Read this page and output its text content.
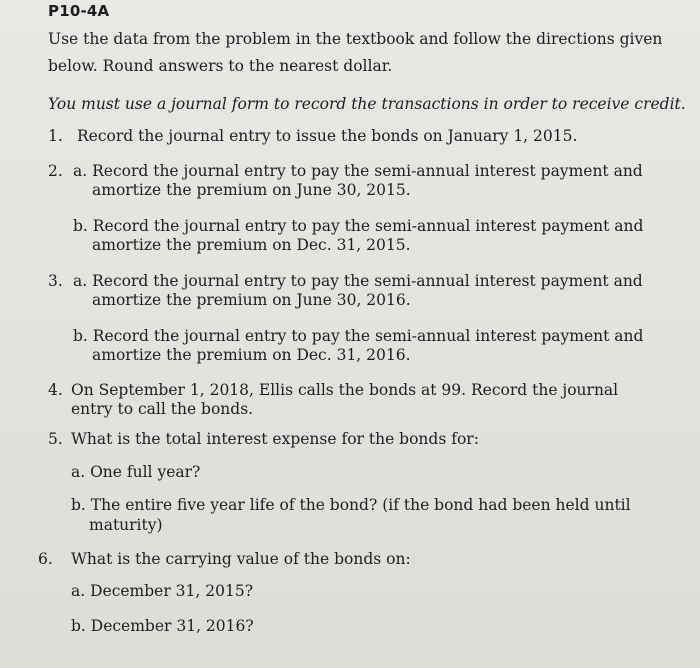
P10-4A
Use the data from the problem in the textbook and follow the directions given
below. Round answers to the nearest dollar.
You must use a journal form to record the transactions in order to receive credit.
1. Record the journal entry to issue the bonds on January 1, 2015.
2. a. Record the journal entry to pay the semi-annual interest payment and
amortize the premium on June 30, 2015.
b. Record the journal entry to pay the semi-annual interest payment and
amortize the premium on Dec. 31, 2015.
3. a. Record the journal entry to pay the semi-annual interest payment and
amortize the premium on June 30, 2016.
b. Record the journal entry to pay the semi-annual interest payment and
amortize the premium on Dec. 31, 2016.
4. On September 1, 2018, Ellis calls the bonds at 99. Record the journal
entry to call the bonds.
5. What is the total interest expense for the bonds for:
a. One full year?
b. The entire five year life of the bond? (if the bond had been held until
maturity)
6. What is the carrying value of the bonds on:
a. December 31, 2015?
b. December 31, 2016?
